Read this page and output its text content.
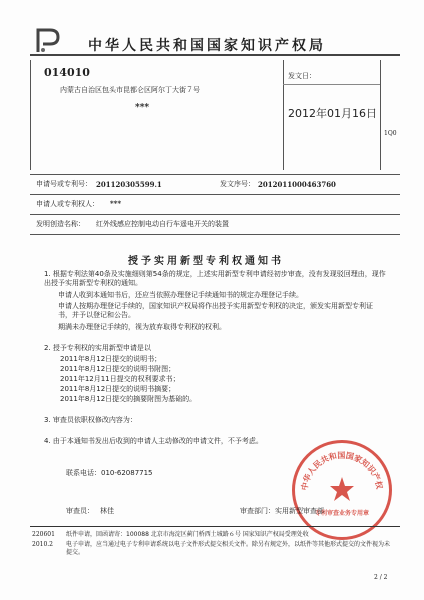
中华人民共和国国家知识产权局
014010
内蒙古自治区包头市昆都仑区阿尔丁大街７号
***
发文日：
2012年01月16日
1Q0
申请号或专利号： 201120305599.1	发文序号： 2012011000463760
申请人或专利权人： ***
发明创造名称： 红外线感应控制电动自行车遥电开关的装置
授予实用新型专利权通知书
1. 根据专利法第40条及实施细则第54条的规定，上述实用新型专利申请经初步审查，没有发现驳回理由，现作出授予实用新型专利权的通知。
申请人收到本通知书后，还应当依照办理登记手续通知书的规定办理登记手续。
申请人按期办理登记手续的，国家知识产权局将作出授予实用新型专利权的决定，颁发实用新型专利证书，并予以登记和公告。
期满未办理登记手续的，视为放弃取得专利权的权利。
2. 授予专利权的实用新型申请是以
2011年8月12日提交的说明书；
2011年8月12日提交的说明书附图；
2011年12月11日提交的权利要求书；
2011年8月12日提交的说明书摘要；
2011年8月12日提交的摘要附图为基础的。
3. 审查员依职权修改内容为：
4. 由于本通知书发出后收到的申请人主动修改的申请文件，不予考虑。
联系电话：010-62087715
中华人民共和国国家知识产权
专利审查业务专用章
审查员： 林佳	审查部门：实用新型审查部
220601
2010.2
纸件申请，回函请寄：100088 北京市海淀区蓟门桥西土城路６号 国家知识产权局受理处收
电子申请，应当通过电子专利申请系统以电子文件形式提交相关文件。除另有规定外，以纸件等其他形式提交的文件视为未提交。
2 / 2
